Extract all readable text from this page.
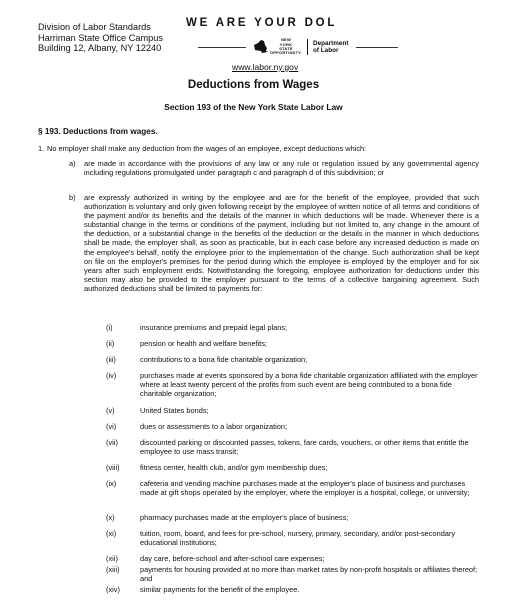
Division of Labor Standards
Harriman State Office Campus
Building 12, Albany, NY 12240
WE ARE YOUR DOL
NEW
YORK
STATE
OPPORTUNITY.
Department
of Labor
www.labor.ny.gov
Deductions from Wages
Section 193 of the New York State Labor Law
§ 193. Deductions from wages.
1. No employer shall make any deduction from the wages of an employee, except deductions which:
a) are made in accordance with the provisions of any law or any rule or regulation issued by any governmental agency including regulations promulgated under paragraph c and paragraph d of this subdivision; or
b) are expressly authorized in writing by the employee and are for the benefit of the employee, provided that such authorization is voluntary and only given following receipt by the employee of written notice of all terms and conditions of the payment and/or its benefits and the details of the manner in which deductions will be made. Whenever there is a substantial change in the terms or conditions of the payment, including but not limited to, any change in the amount of the deduction, or a substantial change in the benefits of the deduction or the details in the manner in which deductions shall be made, the employer shall, as soon as practicable, but in each case before any increased deduction is made on the employee's behalf, notify the employee prior to the implementation of the change. Such authorization shall be kept on file on the employer's premises for the period during which the employee is employed by the employer and for six years after such employment ends. Notwithstanding the foregoing, employee authorization for deductions under this section may also be provided to the employer pursuant to the terms of a collective bargaining agreement. Such authorized deductions shall be limited to payments for:
(i)	insurance premiums and prepaid legal plans;
(ii)	pension or health and welfare benefits;
(iii)	contributions to a bona fide charitable organization;
(iv)	purchases made at events sponsored by a bona fide charitable organization affiliated with the employer where at least twenty percent of the profits from such event are being contributed to a bona fide charitable organization;
(v)	United States bonds;
(vi)	dues or assessments to a labor organization;
(vii)	discounted parking or discounted passes, tokens, fare cards, vouchers, or other items that entitle the employee to use mass transit;
(viii)	fitness center, health club, and/or gym membership dues;
(ix)	cafeteria and vending machine purchases made at the employer's place of business and purchases made at gift shops operated by the employer, where the employer is a hospital, college, or university;
(x)	pharmacy purchases made at the employer's place of business;
(xi)	tuition, room, board, and fees for pre-school, nursery, primary, secondary, and/or post-secondary educational institutions;
(xii)	day care, before-school and after-school care expenses;
(xiii)	payments for housing provided at no more than market rates by non-profit hospitals or affiliates thereof; and
(xiv)	similar payments for the benefit of the employee.
